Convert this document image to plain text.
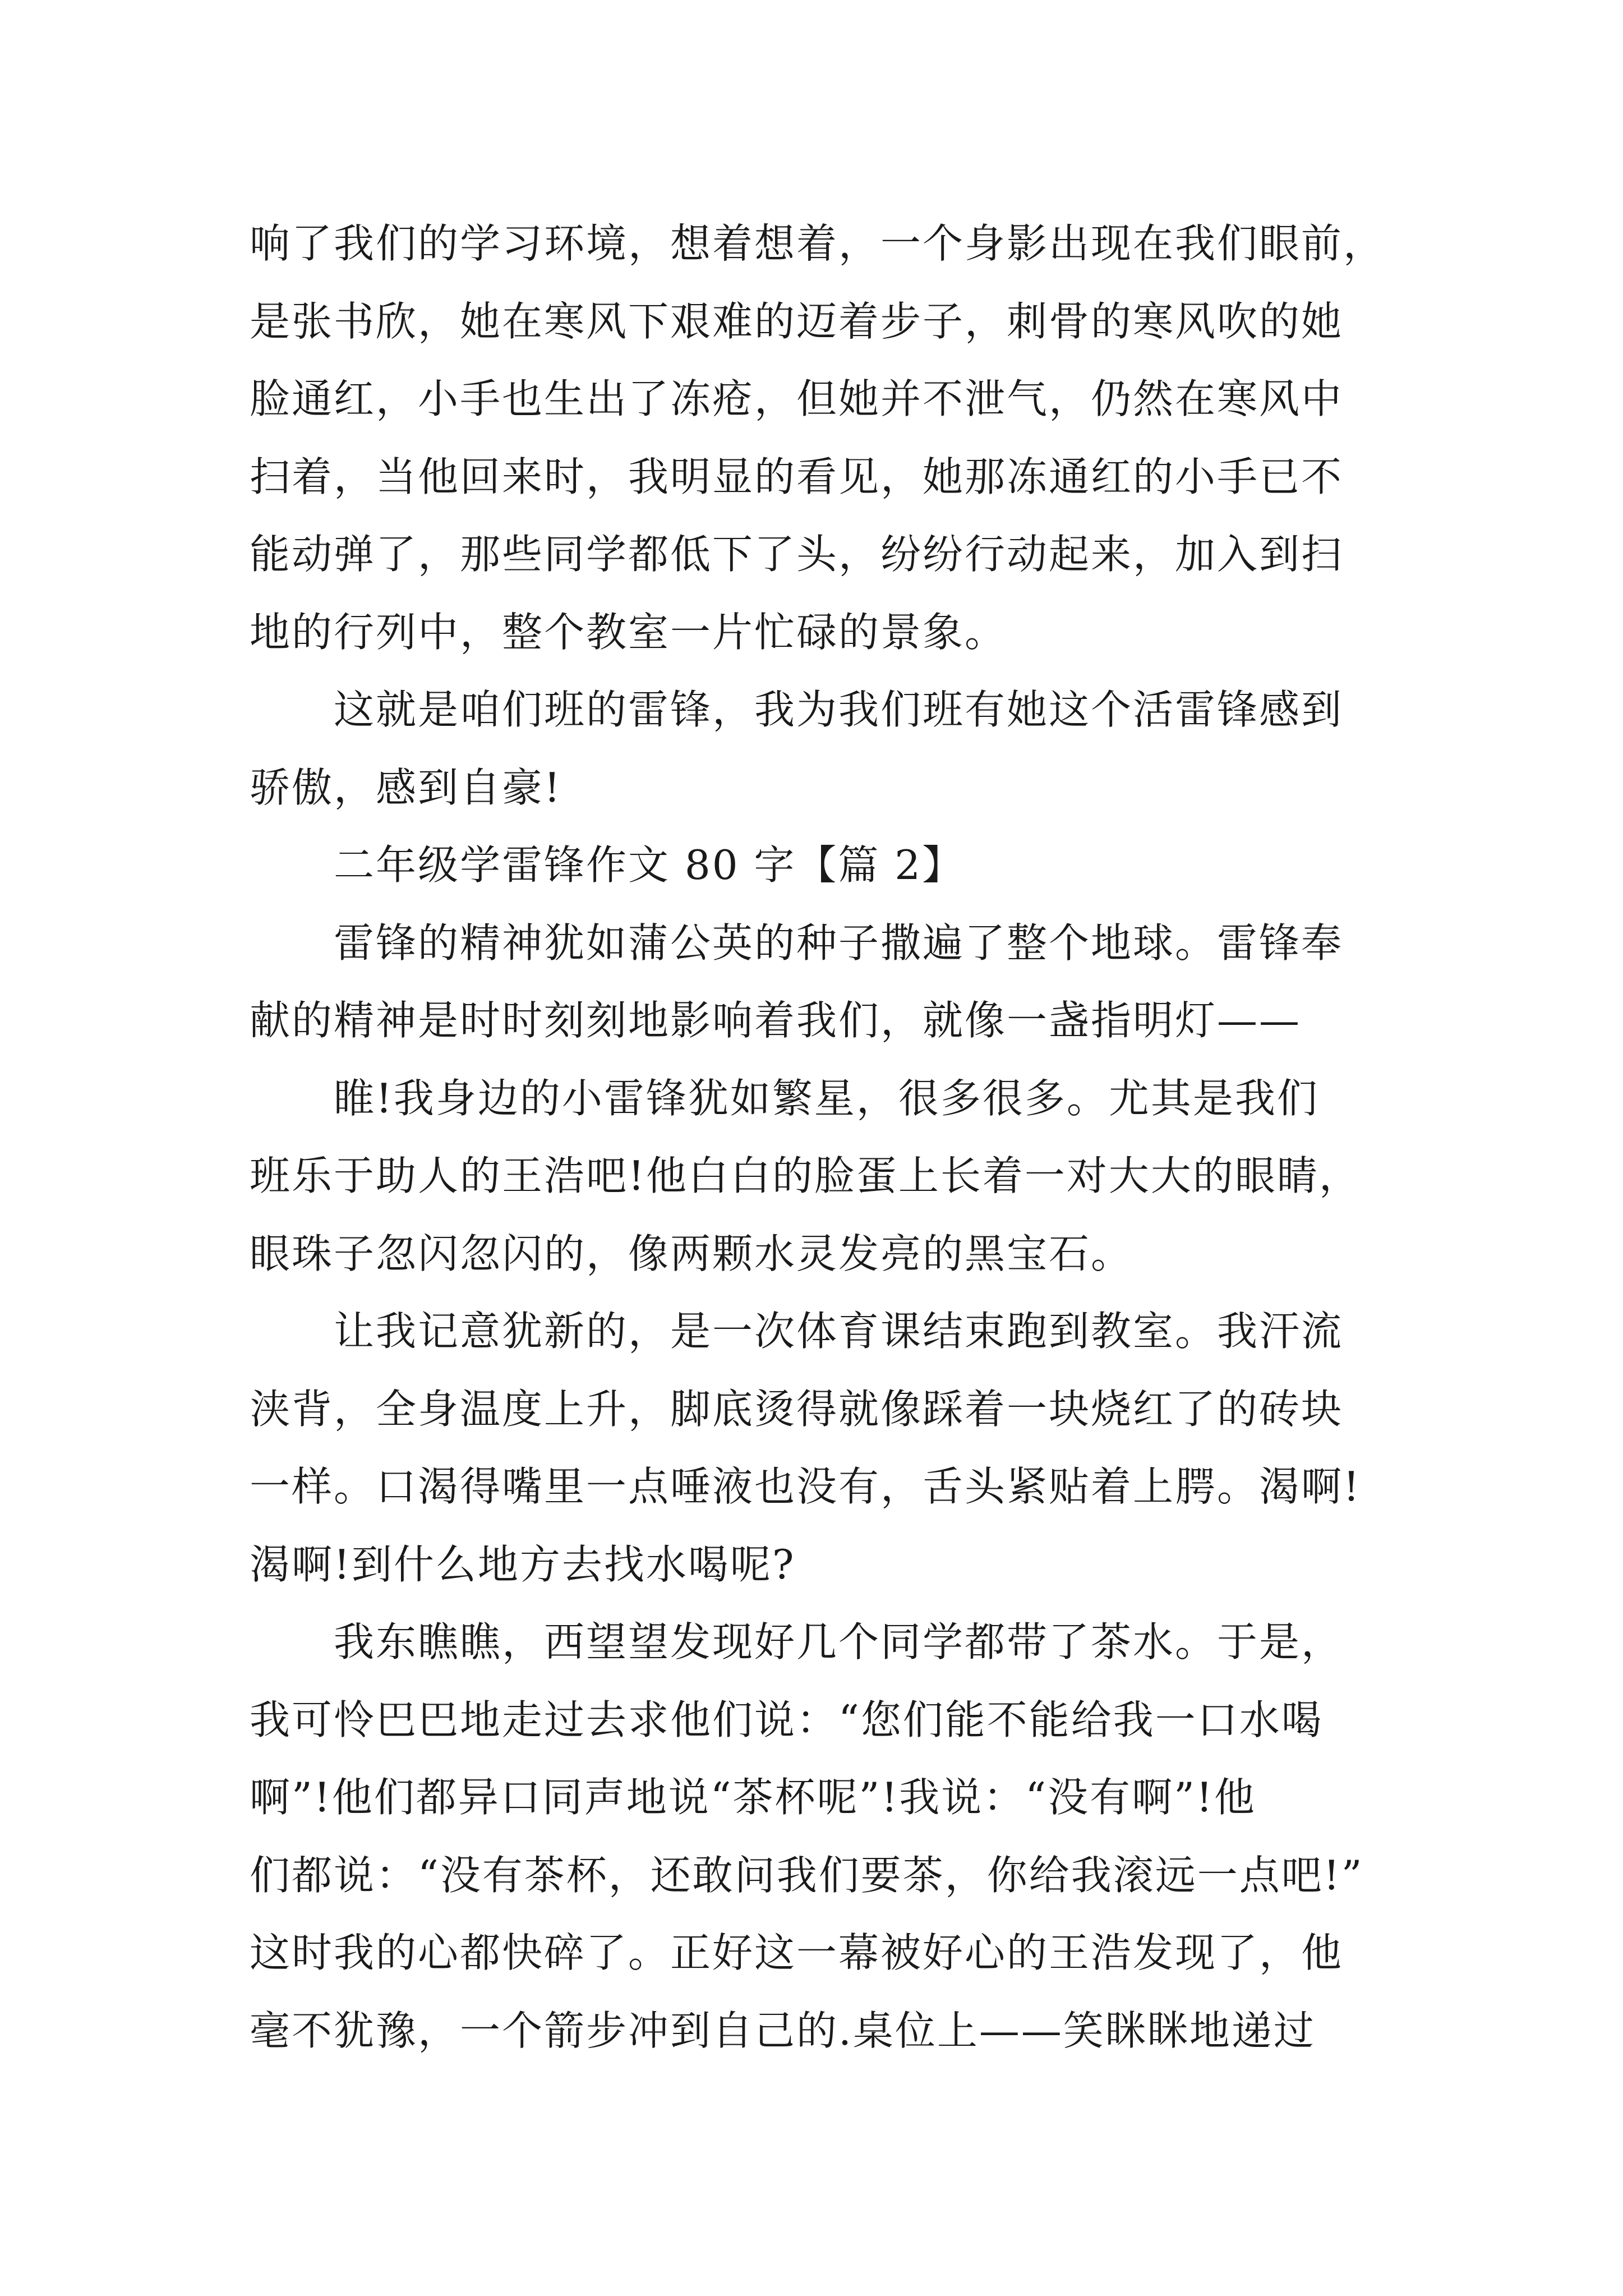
响了我们的学习环境，想着想着，一个身影出现在我们眼前，
是张书欣，她在寒风下艰难的迈着步子，刺骨的寒风吹的她
脸通红，小手也生出了冻疮，但她并不泄气，仍然在寒风中
扫着，当他回来时，我明显的看见，她那冻通红的小手已不
能动弹了，那些同学都低下了头，纷纷行动起来，加入到扫
地的行列中，整个教室一片忙碌的景象。
这就是咱们班的雷锋，我为我们班有她这个活雷锋感到
骄傲，感到自豪!
二年级学雷锋作文 80 字【篇 2】
雷锋的精神犹如蒲公英的种子撒遍了整个地球。雷锋奉
献的精神是时时刻刻地影响着我们，就像一盏指明灯——
睢!我身边的小雷锋犹如繁星，很多很多。尤其是我们
班乐于助人的王浩吧!他白白的脸蛋上长着一对大大的眼睛，
眼珠子忽闪忽闪的，像两颗水灵发亮的黑宝石。
让我记意犹新的，是一次体育课结束跑到教室。我汗流
浃背，全身温度上升，脚底烫得就像踩着一块烧红了的砖块
一样。口渴得嘴里一点唾液也没有，舌头紧贴着上腭。渴啊!
渴啊!到什么地方去找水喝呢?
我东瞧瞧，西望望发现好几个同学都带了茶水。于是，
我可怜巴巴地走过去求他们说：“您们能不能给我一口水喝
啊”!他们都异口同声地说“茶杯呢”!我说：“没有啊”!他
们都说：“没有茶杯，还敢问我们要茶，你给我滚远一点吧!”
这时我的心都快碎了。正好这一幕被好心的王浩发现了，他
毫不犹豫，一个箭步冲到自己的.桌位上——笑眯眯地递过
